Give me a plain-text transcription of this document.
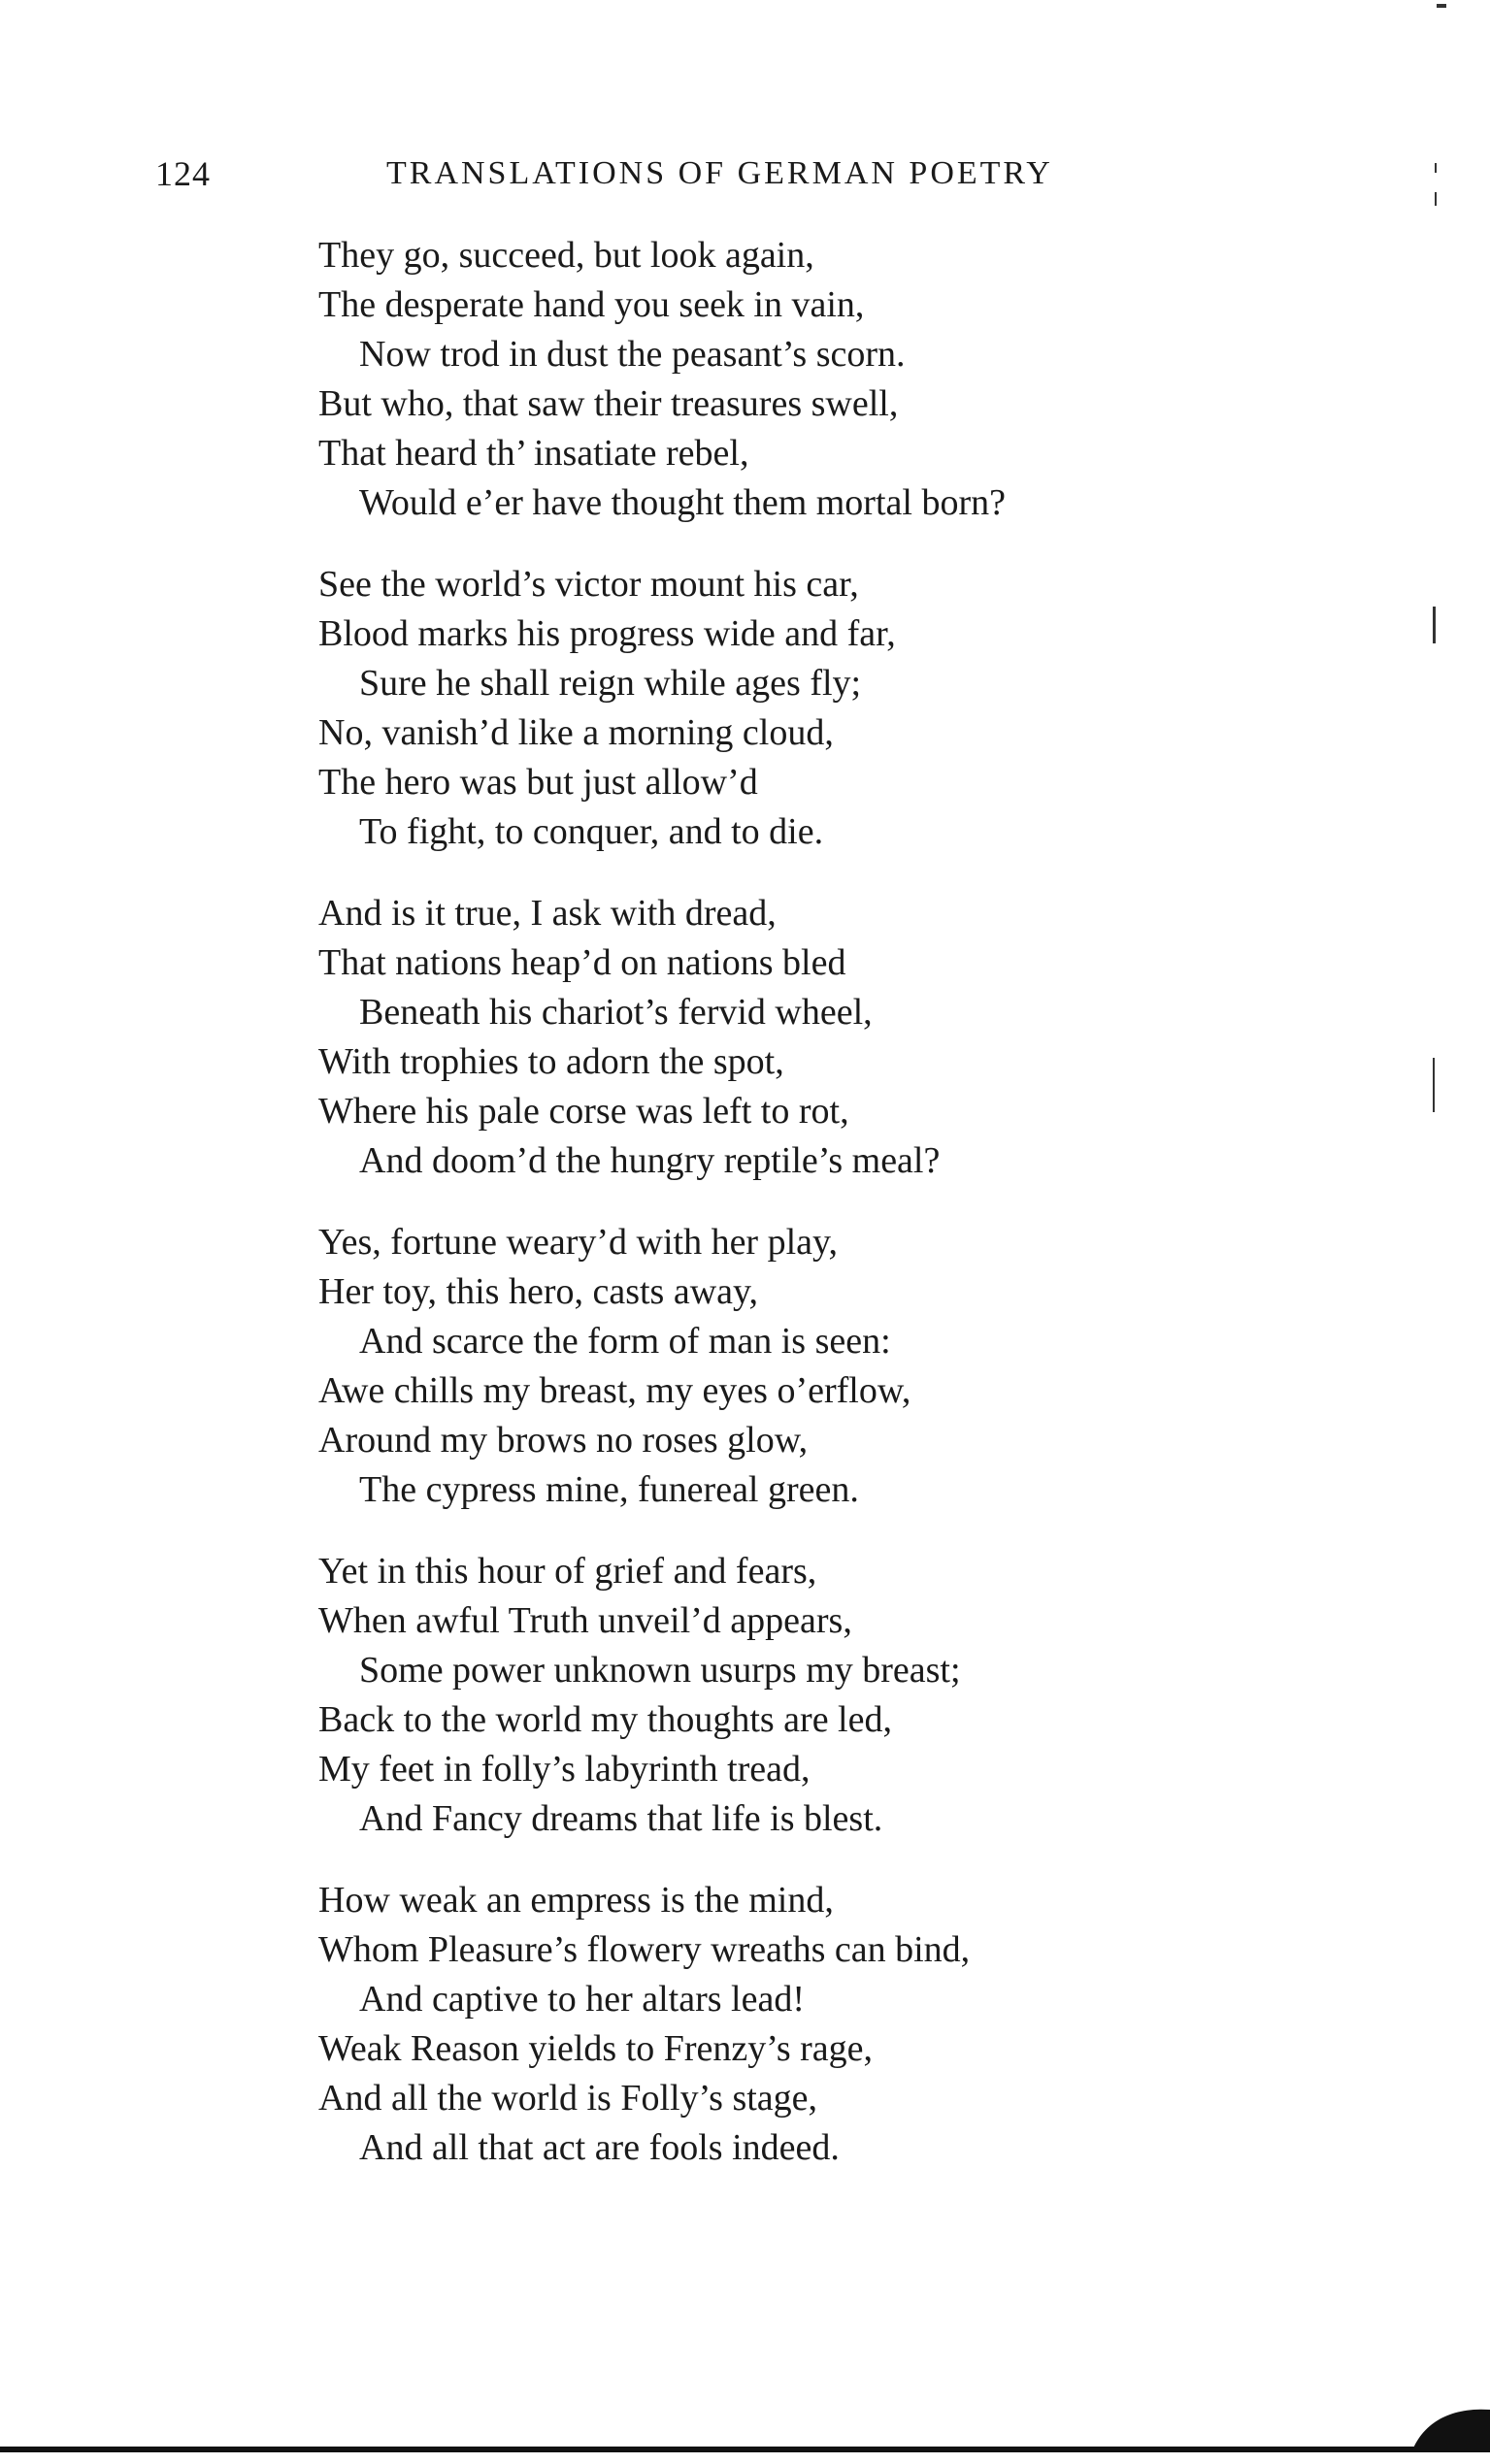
124	TRANSLATIONS OF GERMAN POETRY
They go, succeed, but look again,
The desperate hand you seek in vain,
Now trod in dust the peasant’s scorn.
But who, that saw their treasures swell,
That heard th’ insatiate rebel,
Would e’er have thought them mortal born?
See the world’s victor mount his car,
Blood marks his progress wide and far,
Sure he shall reign while ages fly;
No, vanish’d like a morning cloud,
The hero was but just allow’d
To fight, to conquer, and to die.
And is it true, I ask with dread,
That nations heap’d on nations bled
Beneath his chariot’s fervid wheel,
With trophies to adorn the spot,
Where his pale corse was left to rot,
And doom’d the hungry reptile’s meal?
Yes, fortune weary’d with her play,
Her toy, this hero, casts away,
And scarce the form of man is seen:
Awe chills my breast, my eyes o’erflow,
Around my brows no roses glow,
The cypress mine, funereal green.
Yet in this hour of grief and fears,
When awful Truth unveil’d appears,
Some power unknown usurps my breast;
Back to the world my thoughts are led,
My feet in folly’s labyrinth tread,
And Fancy dreams that life is blest.
How weak an empress is the mind,
Whom Pleasure’s flowery wreaths can bind,
And captive to her altars lead!
Weak Reason yields to Frenzy’s rage,
And all the world is Folly’s stage,
And all that act are fools indeed.
